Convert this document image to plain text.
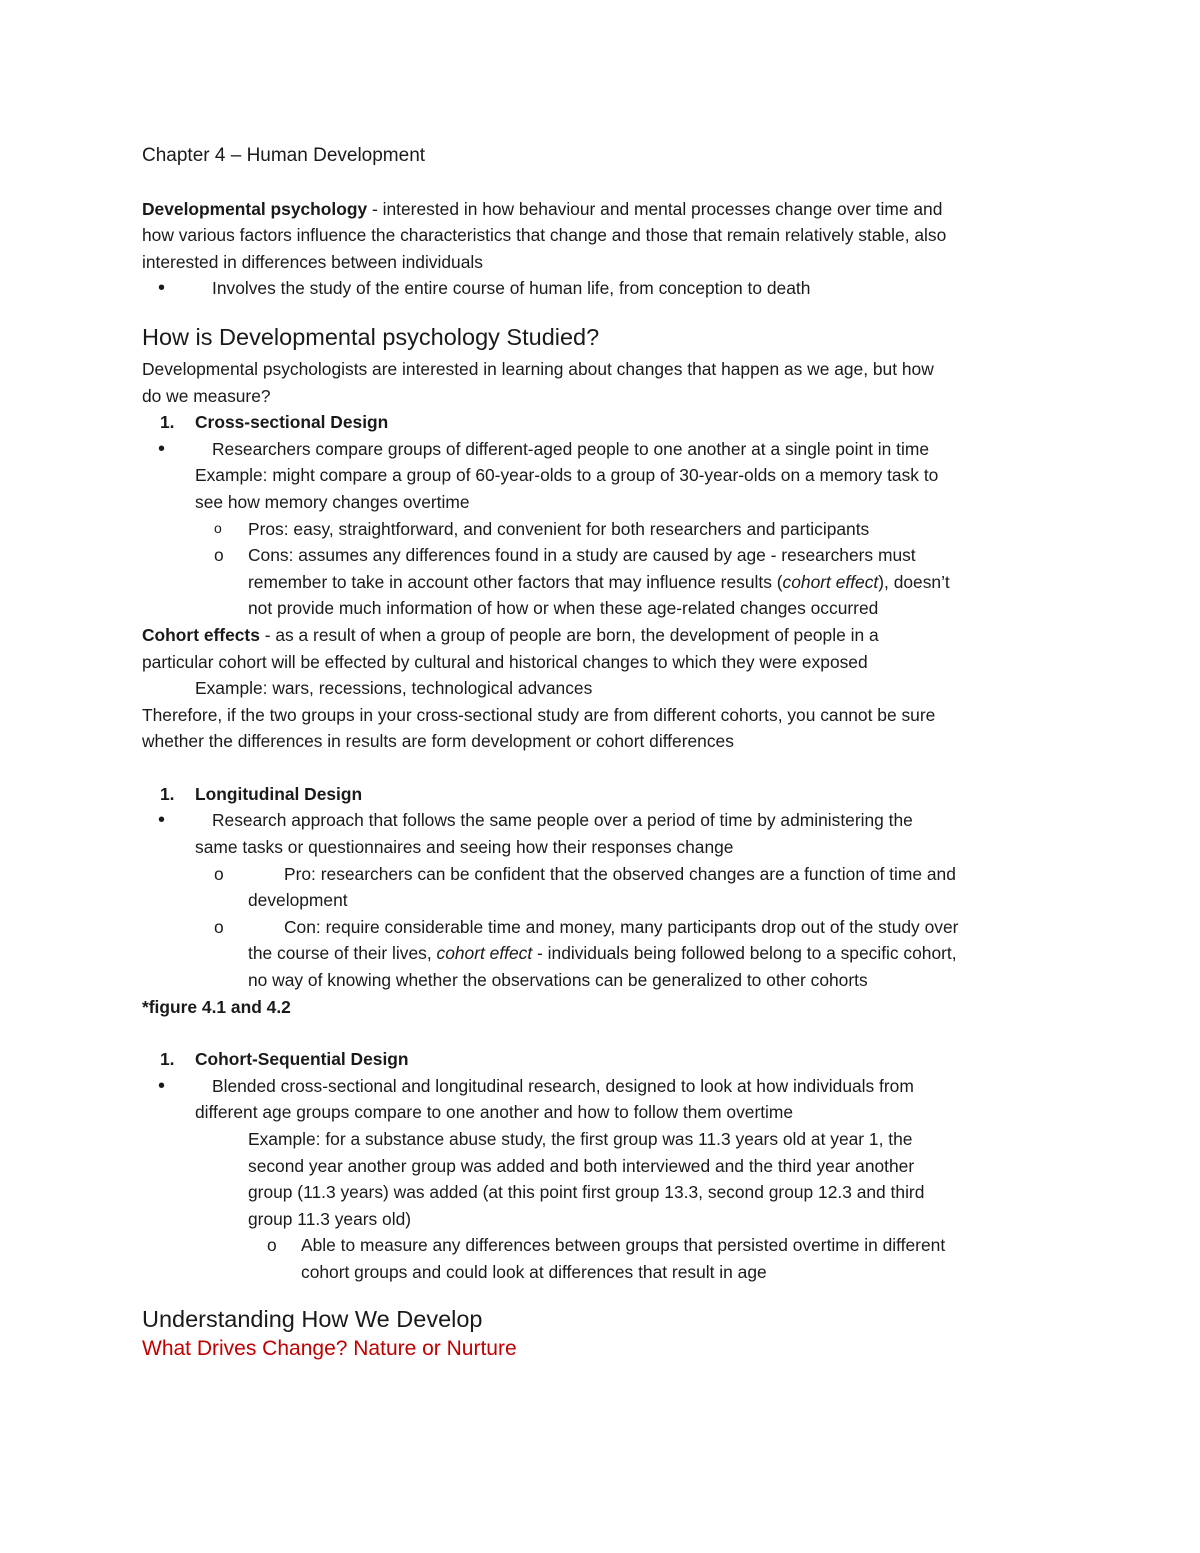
Chapter 4 – Human Development
Developmental psychology - interested in how behaviour and mental processes change over time and
how various factors influence the characteristics that change and those that remain relatively stable, also
interested in differences between individuals
•	Involves the study of the entire course of human life, from conception to death
How is Developmental psychology Studied?
Developmental psychologists are interested in learning about changes that happen as we age, but how
do we measure?
1. Cross-sectional Design
•	Researchers compare groups of different-aged people to one another at a single point in time
Example: might compare a group of 60-year-olds to a group of 30-year-olds on a memory task to
see how memory changes overtime
o Pros: easy, straightforward, and convenient for both researchers and participants
o Cons: assumes any differences found in a study are caused by age - researchers must
remember to take in account other factors that may influence results (cohort effect), doesn’t
not provide much information of how or when these age-related changes occurred
Cohort effects - as a result of when a group of people are born, the development of people in a
particular cohort will be effected by cultural and historical changes to which they were exposed
Example: wars, recessions, technological advances
Therefore, if the two groups in your cross-sectional study are from different cohorts, you cannot be sure
whether the differences in results are form development or cohort differences
1. Longitudinal Design
•	Research approach that follows the same people over a period of time by administering the
same tasks or questionnaires and seeing how their responses change
o	Pro: researchers can be confident that the observed changes are a function of time and
development
o	Con: require considerable time and money, many participants drop out of the study over
the course of their lives, cohort effect - individuals being followed belong to a specific cohort,
no way of knowing whether the observations can be generalized to other cohorts
*figure 4.1 and 4.2
1. Cohort-Sequential Design
•	Blended cross-sectional and longitudinal research, designed to look at how individuals from
different age groups compare to one another and how to follow them overtime
Example: for a substance abuse study, the first group was 11.3 years old at year 1, the
second year another group was added and both interviewed and the third year another
group (11.3 years) was added (at this point first group 13.3, second group 12.3 and third
group 11.3 years old)
o Able to measure any differences between groups that persisted overtime in different
cohort groups and could look at differences that result in age
Understanding How We Develop
What Drives Change? Nature or Nurture
